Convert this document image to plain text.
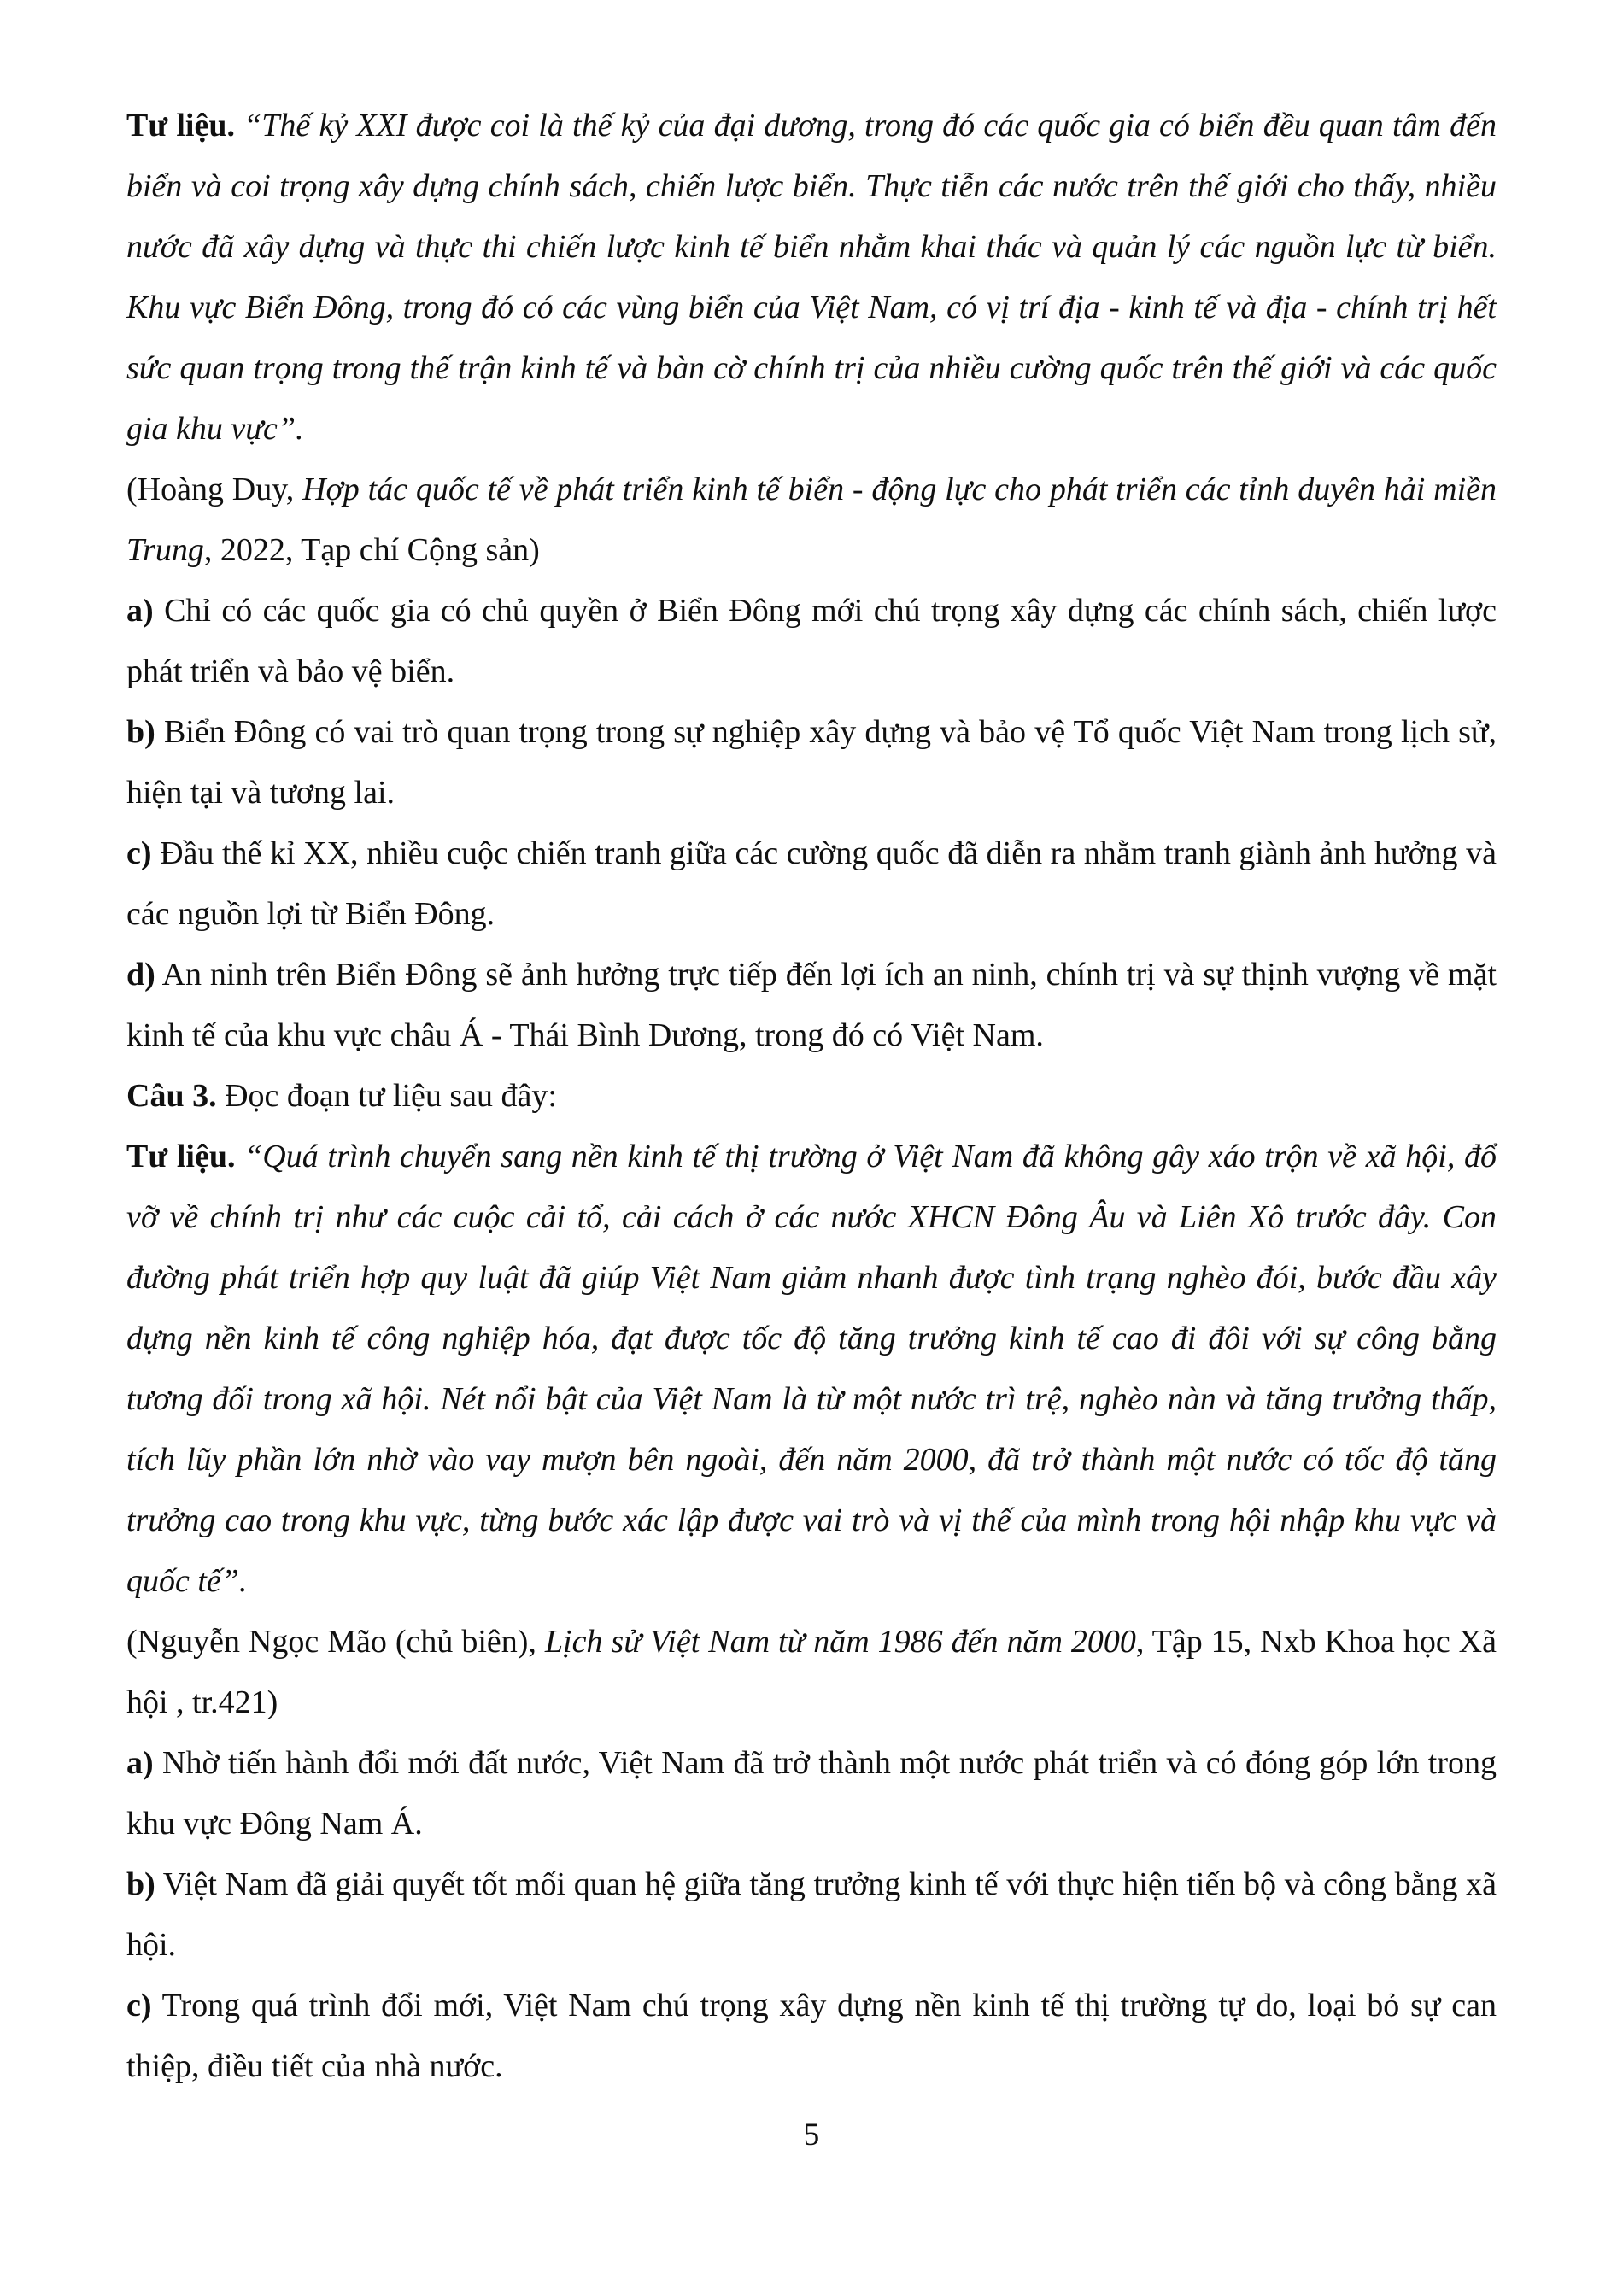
Tư liệu. “Thế kỷ XXI được coi là thế kỷ của đại dương, trong đó các quốc gia có biển đều quan tâm đến biển và coi trọng xây dựng chính sách, chiến lược biển. Thực tiễn các nước trên thế giới cho thấy, nhiều nước đã xây dựng và thực thi chiến lược kinh tế biển nhằm khai thác và quản lý các nguồn lực từ biển. Khu vực Biển Đông, trong đó có các vùng biển của Việt Nam, có vị trí địa - kinh tế và địa - chính trị hết sức quan trọng trong thế trận kinh tế và bàn cờ chính trị của nhiều cường quốc trên thế giới và các quốc gia khu vực”.

(Hoàng Duy, Hợp tác quốc tế về phát triển kinh tế biển - động lực cho phát triển các tỉnh duyên hải miền Trung, 2022, Tạp chí Cộng sản)

a) Chỉ có các quốc gia có chủ quyền ở Biển Đông mới chú trọng xây dựng các chính sách, chiến lược phát triển và bảo vệ biển.

b) Biển Đông có vai trò quan trọng trong sự nghiệp xây dựng và bảo vệ Tổ quốc Việt Nam trong lịch sử, hiện tại và tương lai.

c) Đầu thế kỉ XX, nhiều cuộc chiến tranh giữa các cường quốc đã diễn ra nhằm tranh giành ảnh hưởng và các nguồn lợi từ Biển Đông.

d) An ninh trên Biển Đông sẽ ảnh hưởng trực tiếp đến lợi ích an ninh, chính trị và sự thịnh vượng về mặt kinh tế của khu vực châu Á - Thái Bình Dương, trong đó có Việt Nam.

Câu 3. Đọc đoạn tư liệu sau đây:

Tư liệu. “Quá trình chuyển sang nền kinh tế thị trường ở Việt Nam đã không gây xáo trộn về xã hội, đổ vỡ về chính trị như các cuộc cải tổ, cải cách ở các nước XHCN Đông Âu và Liên Xô trước đây. Con đường phát triển hợp quy luật đã giúp Việt Nam giảm nhanh được tình trạng nghèo đói, bước đầu xây dựng nền kinh tế công nghiệp hóa, đạt được tốc độ tăng trưởng kinh tế cao đi đôi với sự công bằng tương đối trong xã hội. Nét nổi bật của Việt Nam là từ một nước trì trệ, nghèo nàn và tăng trưởng thấp, tích lũy phần lớn nhờ vào vay mượn bên ngoài, đến năm 2000, đã trở thành một nước có tốc độ tăng trưởng cao trong khu vực, từng bước xác lập được vai trò và vị thế của mình trong hội nhập khu vực và quốc tế”.

(Nguyễn Ngọc Mão (chủ biên), Lịch sử Việt Nam từ năm 1986 đến năm 2000, Tập 15, Nxb Khoa học Xã hội , tr.421)

a) Nhờ tiến hành đổi mới đất nước, Việt Nam đã trở thành một nước phát triển và có đóng góp lớn trong khu vực Đông Nam Á.

b) Việt Nam đã giải quyết tốt mối quan hệ giữa tăng trưởng kinh tế với thực hiện tiến bộ và công bằng xã hội.

c) Trong quá trình đổi mới, Việt Nam chú trọng xây dựng nền kinh tế thị trường tự do, loại bỏ sự can thiệp, điều tiết của nhà nước.

5
